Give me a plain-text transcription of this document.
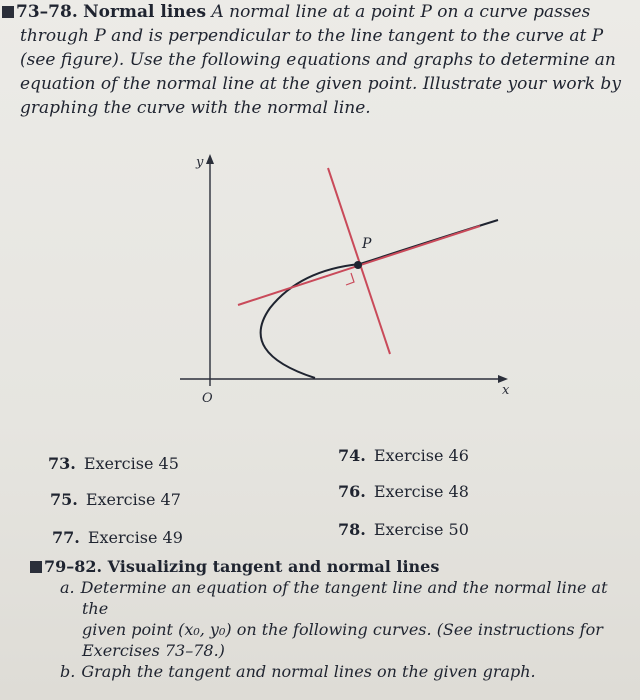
73–78. Normal lines A normal line at a point P on a curve passes
through P and is perpendicular to the line tangent to the curve at P
(see figure). Use the following equations and graphs to determine an
equation of the normal line at the given point. Illustrate your work by
graphing the curve with the normal line.
y
x
O
P
73. Exercise 45	74. Exercise 46
75. Exercise 47	76. Exercise 48
77. Exercise 49	78. Exercise 50
79–82. Visualizing tangent and normal lines
a. Determine an equation of the tangent line and the normal line at the
given point (x₀, y₀) on the following curves. (See instructions for
Exercises 73–78.)
b. Graph the tangent and normal lines on the given graph.
